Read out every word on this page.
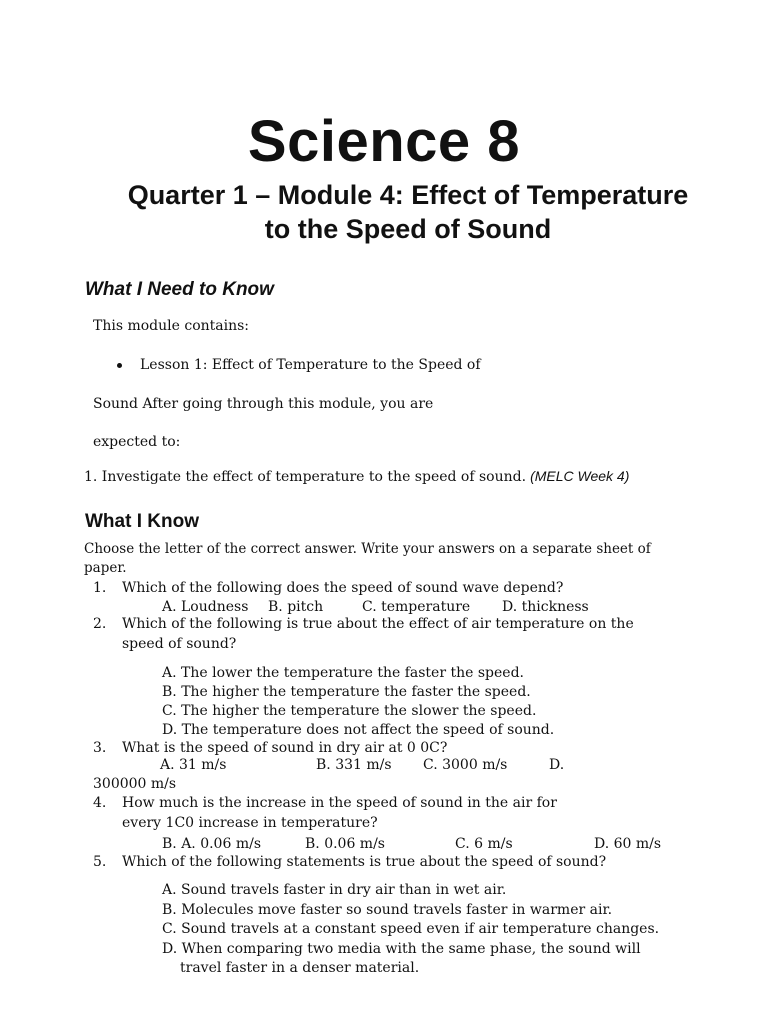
Science 8
Quarter 1 – Module 4: Effect of Temperature
to the Speed of Sound
What I Need to Know
This module contains:
Lesson 1: Effect of Temperature to the Speed of
Sound After going through this module, you are
expected to:
1. Investigate the effect of temperature to the speed of sound. (MELC Week 4)
What I Know
Choose the letter of the correct answer. Write your answers on a separate sheet of
paper.
1. Which of the following does the speed of sound wave depend?
A. Loudness B. pitch	C. temperature D. thickness
2. Which of the following is true about the effect of air temperature on the
speed of sound?
A. The lower the temperature the faster the speed.
B. The higher the temperature the faster the speed.
C. The higher the temperature the slower the speed.
D. The temperature does not affect the speed of sound.
3. What is the speed of sound in dry air at 0 0C?
A. 31 m/s	B. 331 m/s C. 3000 m/s	D.
300000 m/s
4. How much is the increase in the speed of sound in the air for
every 1C0 increase in temperature?
B. A. 0.06 m/s	B. 0.06 m/s	C. 6 m/s	D. 60 m/s
5. Which of the following statements is true about the speed of sound?
A. Sound travels faster in dry air than in wet air.
B. Molecules move faster so sound travels faster in warmer air.
C. Sound travels at a constant speed even if air temperature changes.
D. When comparing two media with the same phase, the sound will
travel faster in a denser material.
